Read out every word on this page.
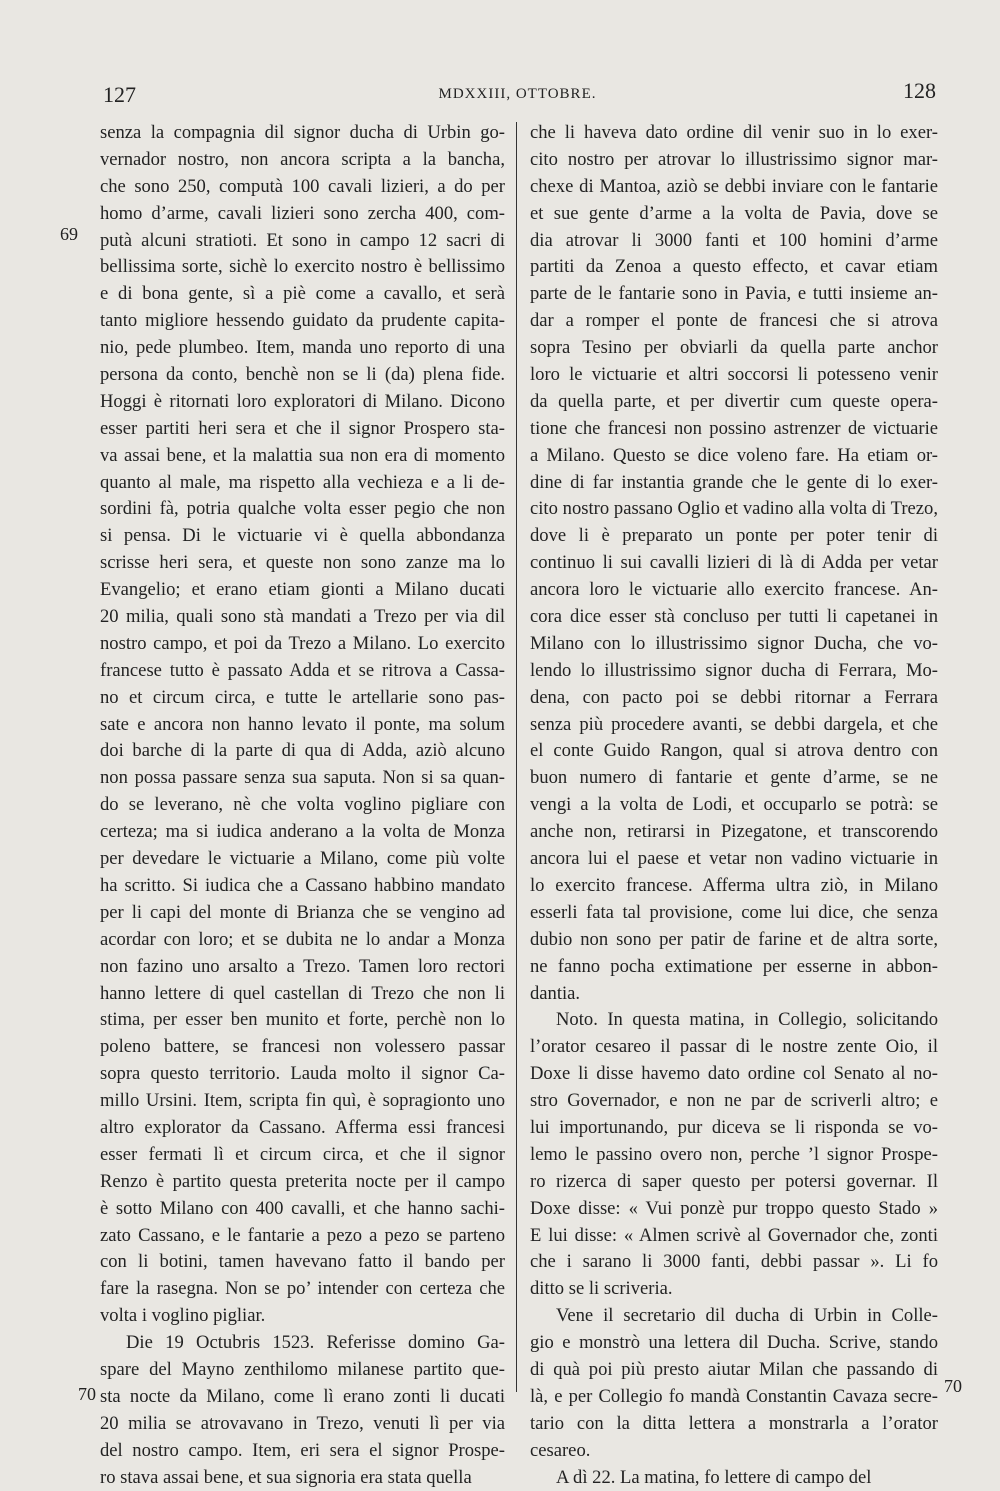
127	MDXXIII, OTTOBRE.	128
69
70	70
senza la compagnia dil signor ducha di Urbin go-
vernador nostro, non ancora scripta a la bancha,
che sono 250, computà 100 cavali lizieri, a do per
homo d’arme, cavali lizieri sono zercha 400, com-
putà alcuni stratioti. Et sono in campo 12 sacri di
bellissima sorte, sichè lo exercito nostro è bellissimo
e di bona gente, sì a piè come a cavallo, et serà
tanto migliore hessendo guidato da prudente capita-
nio, pede plumbeo. Item, manda uno reporto di una
persona da conto, benchè non se li (da) plena fide.
Hoggi è ritornati loro exploratori di Milano. Dicono
esser partiti heri sera et che il signor Prospero sta-
va assai bene, et la malattia sua non era di momento
quanto al male, ma rispetto alla vechieza e a li de-
sordini fà, potria qualche volta esser pegio che non
si pensa. Di le victuarie vi è quella abbondanza
scrisse heri sera, et queste non sono zanze ma lo
Evangelio; et erano etiam gionti a Milano ducati
20 milia, quali sono stà mandati a Trezo per via dil
nostro campo, et poi da Trezo a Milano. Lo exercito
francese tutto è passato Adda et se ritrova a Cassa-
no et circum circa, e tutte le artellarie sono pas-
sate e ancora non hanno levato il ponte, ma solum
doi barche di la parte di qua di Adda, aziò alcuno
non possa passare senza sua saputa. Non si sa quan-
do se leverano, nè che volta voglino pigliare con
certeza; ma si iudica anderano a la volta de Monza
per devedare le victuarie a Milano, come più volte
ha scritto. Si iudica che a Cassano habbino mandato
per li capi del monte di Brianza che se vengino ad
acordar con loro; et se dubita ne lo andar a Monza
non fazino uno arsalto a Trezo. Tamen loro rectori
hanno lettere di quel castellan di Trezo che non li
stima, per esser ben munito et forte, perchè non lo
poleno battere, se francesi non volessero passar
sopra questo territorio. Lauda molto il signor Ca-
millo Ursini. Item, scripta fin quì, è sopragionto uno
altro explorator da Cassano. Afferma essi francesi
esser fermati lì et circum circa, et che il signor
Renzo è partito questa preterita nocte per il campo
è sotto Milano con 400 cavalli, et che hanno sachi-
zato Cassano, e le fantarie a pezo a pezo se parteno
con li botini, tamen havevano fatto il bando per
fare la rasegna. Non se po’ intender con certeza che
volta i voglino pigliar.
Die 19 Octubris 1523. Referisse domino Ga-
spare del Mayno zenthilomo milanese partito que-
sta nocte da Milano, come lì erano zonti li ducati
20 milia se atrovavano in Trezo, venuti lì per via
del nostro campo. Item, eri sera el signor Prospe-
ro stava assai bene, et sua signoria era stata quella
che li haveva dato ordine dil venir suo in lo exer-
cito nostro per atrovar lo illustrissimo signor mar-
chexe di Mantoa, aziò se debbi inviare con le fantarie
et sue gente d’arme a la volta de Pavia, dove se
dia atrovar li 3000 fanti et 100 homini d’arme
partiti da Zenoa a questo effecto, et cavar etiam
parte de le fantarie sono in Pavia, e tutti insieme an-
dar a romper el ponte de francesi che si atrova
sopra Tesino per obviarli da quella parte anchor
loro le victuarie et altri soccorsi li potesseno venir
da quella parte, et per divertir cum queste opera-
tione che francesi non possino astrenzer de victuarie
a Milano. Questo se dice voleno fare. Ha etiam or-
dine di far instantia grande che le gente di lo exer-
cito nostro passano Oglio et vadino alla volta di Trezo,
dove li è preparato un ponte per poter tenir di
continuo li sui cavalli lizieri di là di Adda per vetar
ancora loro le victuarie allo exercito francese. An-
cora dice esser stà concluso per tutti li capetanei in
Milano con lo illustrissimo signor Ducha, che vo-
lendo lo illustrissimo signor ducha di Ferrara, Mo-
dena, con pacto poi se debbi ritornar a Ferrara
senza più procedere avanti, se debbi dargela, et che
el conte Guido Rangon, qual si atrova dentro con
buon numero di fantarie et gente d’arme, se ne
vengi a la volta de Lodi, et occuparlo se potrà: se
anche non, retirarsi in Pizegatone, et transcorendo
ancora lui el paese et vetar non vadino victuarie in
lo exercito francese. Afferma ultra ziò, in Milano
esserli fata tal provisione, come lui dice, che senza
dubio non sono per patir de farine et de altra sorte,
ne fanno pocha extimatione per esserne in abbon-
dantia.
Noto. In questa matina, in Collegio, solicitando
l’orator cesareo il passar di le nostre zente Oio, il
Doxe li disse havemo dato ordine col Senato al no-
stro Governador, e non ne par de scriverli altro; e
lui importunando, pur diceva se li risponda se vo-
lemo le passino overo non, perche ’l signor Prospe-
ro rizerca di saper questo per potersi governar. Il
Doxe disse: « Vui ponzè pur troppo questo Stado »
E lui disse: « Almen scrivè al Governador che, zonti
che i sarano li 3000 fanti, debbi passar ». Li fo
ditto se li scriveria.
Vene il secretario dil ducha di Urbin in Colle-
gio e monstrò una lettera dil Ducha. Scrive, stando
di quà poi più presto aiutar Milan che passando di
là, e per Collegio fo mandà Constantin Cavaza secre-
tario con la ditta lettera a monstrarla a l’orator
cesareo.
A dì 22. La matina, fo lettere di campo del
